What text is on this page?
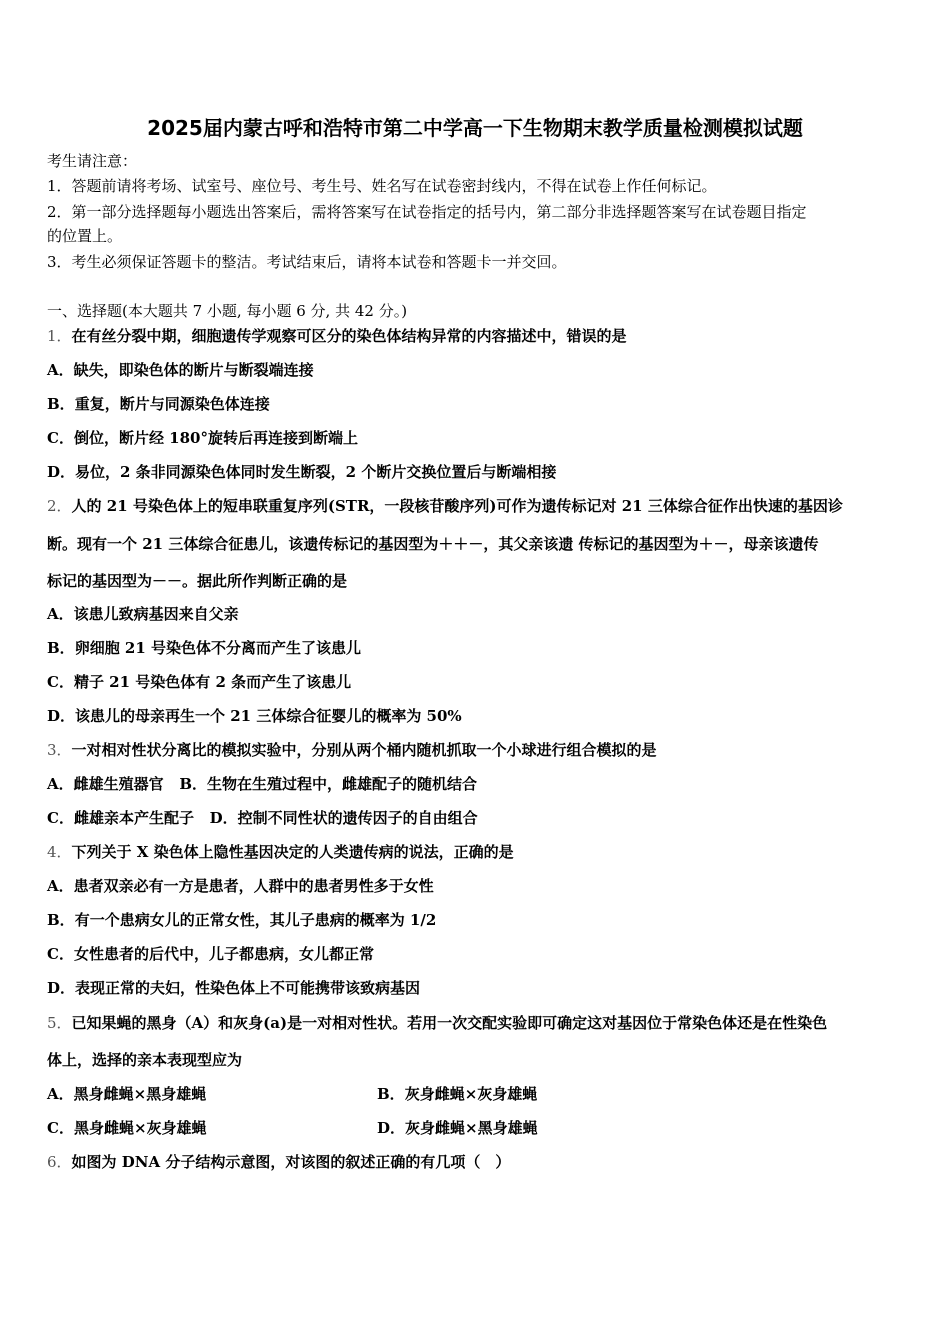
2025届内蒙古呼和浩特市第二中学高一下生物期末教学质量检测模拟试题
考生请注意：
1．答题前请将考场、试室号、座位号、考生号、姓名写在试卷密封线内，不得在试卷上作任何标记。
2．第一部分选择题每小题选出答案后，需将答案写在试卷指定的括号内，第二部分非选择题答案写在试卷题目指定
的位置上。
3．考生必须保证答题卡的整洁。考试结束后，请将本试卷和答题卡一并交回。
一、选择题(本大题共 7 小题, 每小题 6 分, 共 42 分。)
1．在有丝分裂中期，细胞遗传学观察可区分的染色体结构异常的内容描述中，错误的是
A．缺失，即染色体的断片与断裂端连接
B．重复，断片与同源染色体连接
C．倒位，断片经 180°旋转后再连接到断端上
D．易位，2 条非同源染色体同时发生断裂，2 个断片交换位置后与断端相接
2．人的 21 号染色体上的短串联重复序列(STR，一段核苷酸序列)可作为遗传标记对 21 三体综合征作出快速的基因诊
断。现有一个 21 三体综合征患儿，该遗传标记的基因型为＋＋－，其父亲该遗 传标记的基因型为＋－，母亲该遗传
标记的基因型为－－。据此所作判断正确的是
A．该患儿致病基因来自父亲
B．卵细胞 21 号染色体不分离而产生了该患儿
C．精子 21 号染色体有 2 条而产生了该患儿
D．该患儿的母亲再生一个 21 三体综合征婴儿的概率为 50%
3．一对相对性状分离比的模拟实验中，分别从两个桶内随机抓取一个小球进行组合模拟的是
A．雌雄生殖器官 B．生物在生殖过程中，雌雄配子的随机结合
C．雌雄亲本产生配子 D．控制不同性状的遗传因子的自由组合
4．下列关于 X 染色体上隐性基因决定的人类遗传病的说法，正确的是
A．患者双亲必有一方是患者，人群中的患者男性多于女性
B．有一个患病女儿的正常女性，其儿子患病的概率为 1/2
C．女性患者的后代中，儿子都患病，女儿都正常
D．表现正常的夫妇，性染色体上不可能携带该致病基因
5．已知果蝇的黑身（A）和灰身(a)是一对相对性状。若用一次交配实验即可确定这对基因位于常染色体还是在性染色
体上，选择的亲本表现型应为
A．黑身雌蝇×黑身雄蝇	B．灰身雌蝇×灰身雄蝇
C．黑身雌蝇×灰身雄蝇	D．灰身雌蝇×黑身雄蝇
6．如图为 DNA 分子结构示意图，对该图的叙述正确的有几项（　）
